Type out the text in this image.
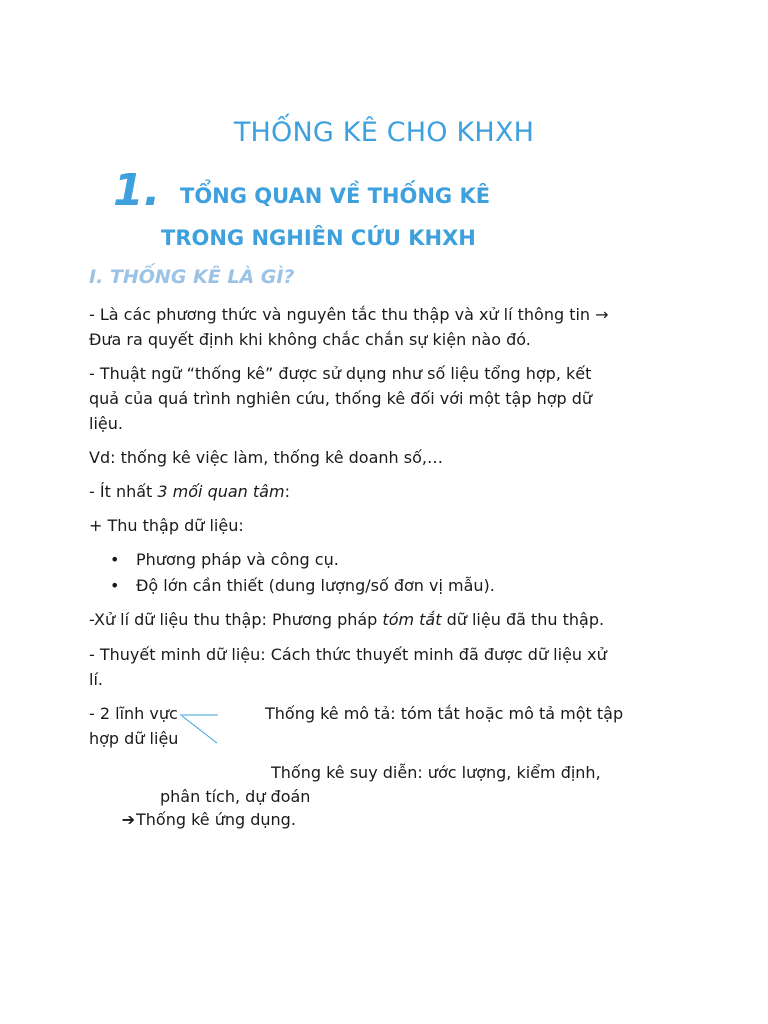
THỐNG KÊ CHO KHXH
1. TỔNG QUAN VỀ THỐNG KÊ
TRONG NGHIÊN CỨU KHXH
I. THỐNG KÊ LÀ GÌ?
- Là các phương thức và nguyên tắc thu thập và xử lí thông tin →
Đưa ra quyết định khi không chắc chắn sự kiện nào đó.
- Thuật ngữ “thống kê” được sử dụng như số liệu tổng hợp, kết
quả của quá trình nghiên cứu, thống kê đối với một tập hợp dữ
liệu.
Vd: thống kê việc làm, thống kê doanh số,…
- Ít nhất 3 mối quan tâm:
+ Thu thập dữ liệu:
• Phương pháp và công cụ.
• Độ lớn cần thiết (dung lượng/số đơn vị mẫu).
-Xử lí dữ liệu thu thập: Phương pháp tóm tắt dữ liệu đã thu thập.
- Thuyết minh dữ liệu: Cách thức thuyết minh đã được dữ liệu xử
lí.
- 2 lĩnh vực	Thống kê mô tả: tóm tắt hoặc mô tả một tập
hợp dữ liệu
Thống kê suy diễn: ước lượng, kiểm định,
phân tích, dự đoán
➔Thống kê ứng dụng.
